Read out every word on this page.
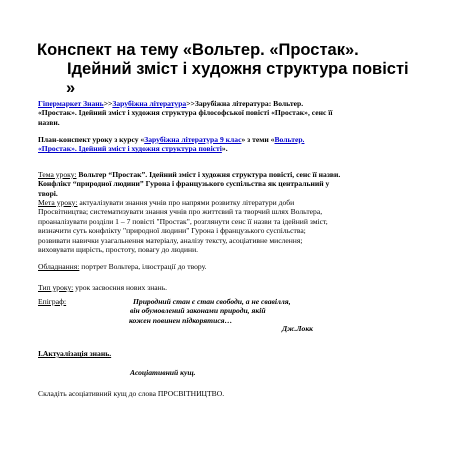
Конспект на тему «Вольтер. «Простак».
Ідейний зміст і художня структура повісті
»
Гіпермаркет Знань>>Зарубіжна література>>Зарубіжна література: Вольтер.
«Простак». Ідейний зміст і художня структура філософської повісті «Простак», сенс її
назви.
План-конспект уроку з курсу «Зарубіжна література 9 клас» з теми «Вольтер.
«Простак». Ідейний зміст і художня структура повісті».
Тема уроку: Вольтер “Простак”. Ідейний зміст і художня структура повісті, сенс її назви.
Конфлікт “природної людини” Гурона і французького суспільства як центральний у
творі.
Мета уроку: актуалізувати знання учнів про напрями розвитку літератури доби
Просвітництва; систематизувати знання учнів про життєвий та творчий шлях Вольтера,
проаналізувати розділи 1 – 7 повісті "Простак", розглянути сенс її назви та ідейний зміст,
визначити суть конфлікту "природної людини" Гурона і французького суспільства;
розвивати навички узагальнення матеріалу, аналізу тексту, асоціативне мислення;
виховувати щирість, простоту, повагу до людини.
Обладнання: портрет Вольтера, ілюстрації до твору.
Тип уроку: урок засвоєння нових знань.
Епіграф:	Природний стан є стан свободи, а не свавілля,
він обумовлений законами природи, якій
кожен повинен підкорятися…
Дж.Локк
I.Актуалізація знань.
Асоціативний кущ.
Складіть асоціативний кущ до слова ПРОСВІТНИЦТВО.
